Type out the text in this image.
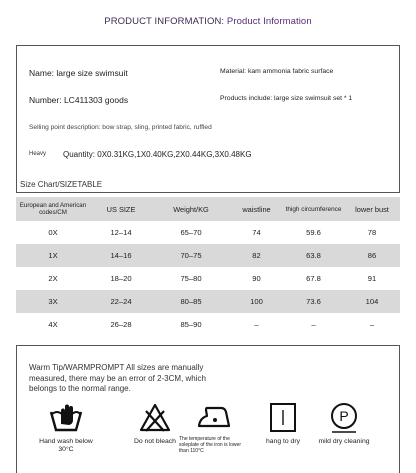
PRODUCT INFORMATION: Product Information
Name: large size swimsuit	Material: kam ammonia fabric surface
Number: LC411303 goods	Products include: large size swimsuit set * 1
Selling point description: bow strap, sling, printed fabric, ruffled
Heavy Quantity: 0X0.31KG,1X0.40KG,2X0.44KG,3X0.48KG
Size Chart/SIZETABLE
European and American codes/CM	US SIZE	Weight/KG	waistline	thigh circumference	lower bust
0X	12–14	65–70	74	59.6	78
1X	14–16	70–75	82	63.8	86
2X	18–20	75–80	90	67.8	91
3X	22–24	80–85	100	73.6	104
4X	26–28	85–90	–	–	–
Warm Tip/WARMPROMPT All sizes are manually measured, there may be an error of 2-3CM, which belongs to the normal range.
Hand wash below 30°C
Do not bleach The temperature of the soleplate of the iron is lower than 110°C
hang to dry
P
mild dry cleaning
